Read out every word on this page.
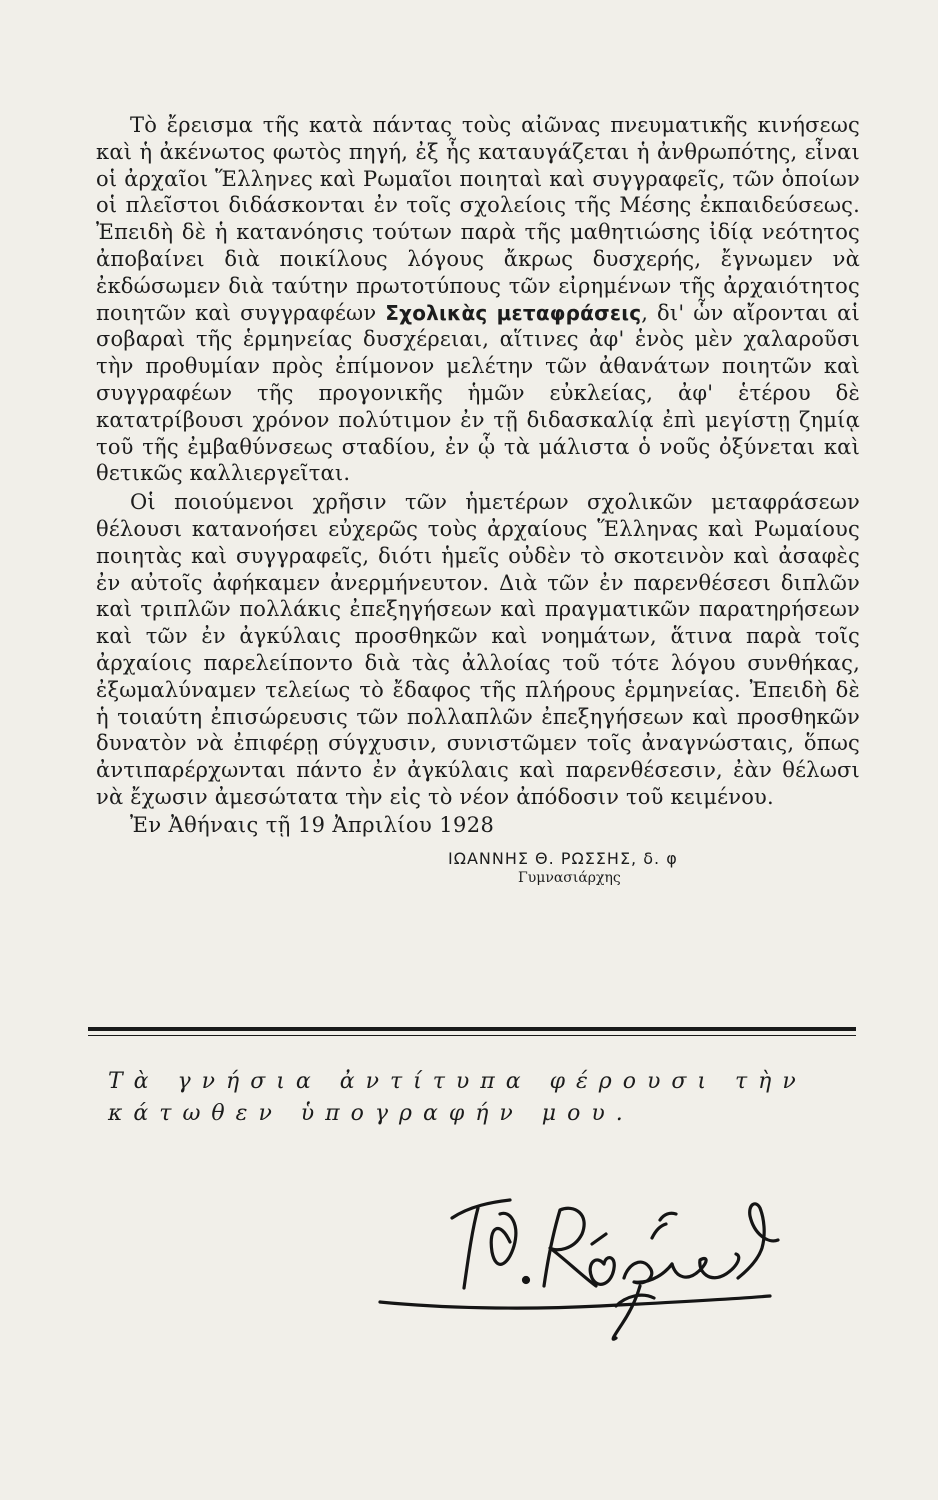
Τὸ ἔρεισμα τῆς κατὰ πάντας τοὺς αἰῶνας πνευματικῆς κινήσεως καὶ ἡ ἀκένωτος φωτὸς πηγή, ἐξ ἧς καταυγάζεται ἡ ἀνθρωπότης, εἶναι οἱ ἀρχαῖοι Ἕλληνες καὶ Ρωμαῖοι ποιηταὶ καὶ συγγραφεῖς, τῶν ὁποίων οἱ πλεῖστοι διδάσκονται ἐν τοῖς σχολείοις τῆς Μέσης ἐκπαιδεύσεως. Ἐπειδὴ δὲ ἡ κατανόησις τούτων παρὰ τῆς μαθητιώσης ἰδίᾳ νεότητος ἀποβαίνει διὰ ποικίλους λόγους ἄκρως δυσχερής, ἔγνωμεν νὰ ἐκδώσωμεν διὰ ταύτην πρωτοτύπους τῶν εἰρημένων τῆς ἀρχαιότητος ποιητῶν καὶ συγγραφέων Σχολικὰς μεταφράσεις, δι' ὧν αἴρονται αἱ σοβαραὶ τῆς ἑρμηνείας δυσχέρειαι, αἵτινες ἀφ' ἑνὸς μὲν χαλαροῦσι τὴν προθυμίαν πρὸς ἐπίμονον μελέτην τῶν ἀθανάτων ποιητῶν καὶ συγγραφέων τῆς προγονικῆς ἡμῶν εὐκλείας, ἀφ' ἑτέρου δὲ κατατρίβουσι χρόνον πολύτιμον ἐν τῇ διδασκαλίᾳ ἐπὶ μεγίστῃ ζημίᾳ τοῦ τῆς ἐμβαθύνσεως σταδίου, ἐν ᾧ τὰ μάλιστα ὁ νοῦς ὀξύνεται καὶ θετικῶς καλλιεργεῖται.

Οἱ ποιούμενοι χρῆσιν τῶν ἡμετέρων σχολικῶν μεταφράσεων θέλουσι κατανοήσει εὐχερῶς τοὺς ἀρχαίους Ἕλληνας καὶ Ρωμαίους ποιητὰς καὶ συγγραφεῖς, διότι ἡμεῖς οὐδὲν τὸ σκοτεινὸν καὶ ἀσαφὲς ἐν αὐτοῖς ἀφήκαμεν ἀνερμήνευτον. Διὰ τῶν ἐν παρενθέσεσι διπλῶν καὶ τριπλῶν πολλάκις ἐπεξηγήσεων καὶ πραγματικῶν παρατηρήσεων καὶ τῶν ἐν ἀγκύλαις προσθηκῶν καὶ νοημάτων, ἅτινα παρὰ τοῖς ἀρχαίοις παρελείποντο διὰ τὰς ἀλλοίας τοῦ τότε λόγου συνθήκας, ἐξωμαλύναμεν τελείως τὸ ἔδαφος τῆς πλήρους ἑρμηνείας. Ἐπειδὴ δὲ ἡ τοιαύτη ἐπισώρευσις τῶν πολλαπλῶν ἐπεξηγήσεων καὶ προσθηκῶν δυνατὸν νὰ ἐπιφέρῃ σύγχυσιν, συνιστῶμεν τοῖς ἀναγνώσταις, ὅπως ἀντιπαρέρχωνται πάντο ἐν ἀγκύλαις καὶ παρενθέσεσιν, ἐὰν θέλωσι νὰ ἔχωσιν ἀμεσώτατα τὴν εἰς τὸ νέον ἀπόδοσιν τοῦ κειμένου.

Ἐν Ἀθήναις τῇ 19 Ἀπριλίου 1928
ΙΩΑΝΝΗΣ Θ. ΡΩΣΣΗΣ, δ. φ
Γυμνασιάρχης
Τὰ γνήσια ἀντίτυπα φέρουσι τὴν κάτωθεν ὑπογραφήν μου.
